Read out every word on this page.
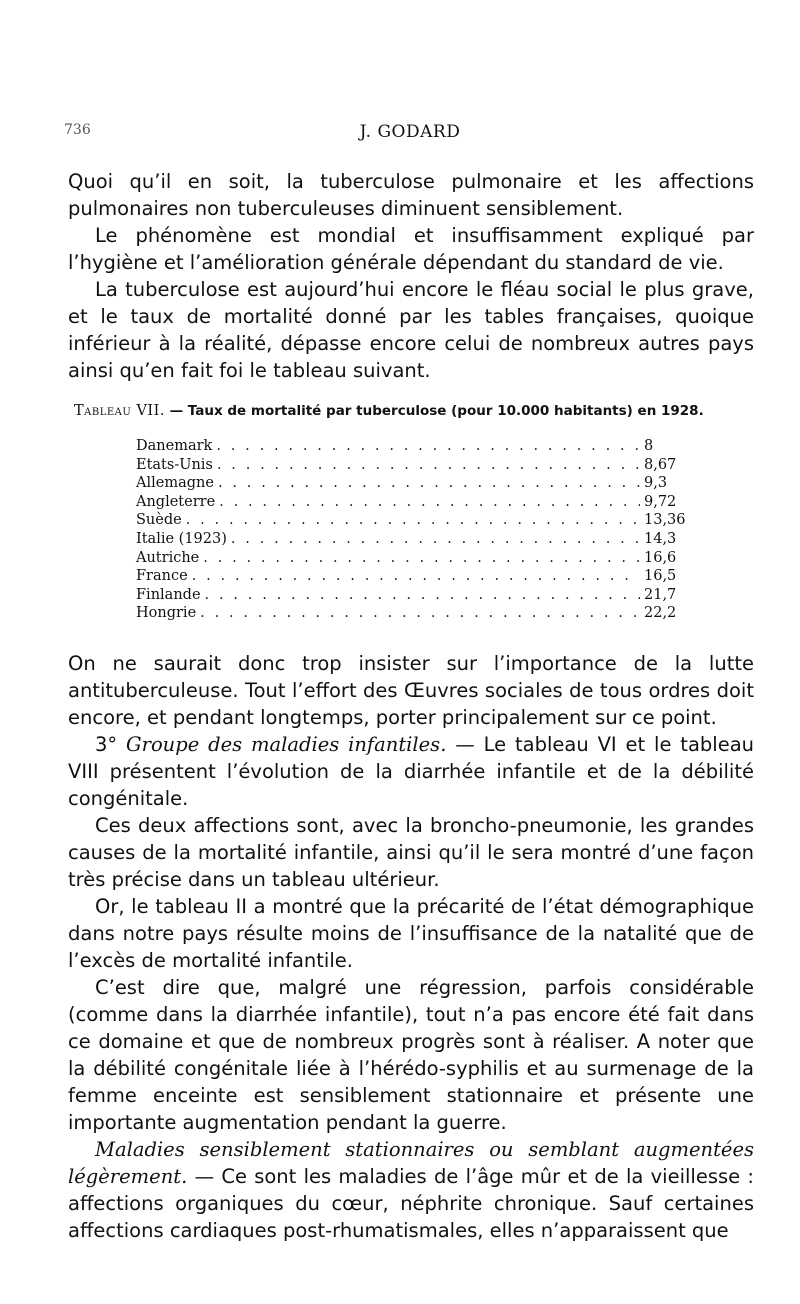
736	J. GODARD

Quoi qu’il en soit, la tuberculose pulmonaire et les affections pulmonaires non tuberculeuses diminuent sensiblement.

Le phénomène est mondial et insuffisamment expliqué par l’hygiène et l’amélioration générale dépendant du standard de vie.

La tuberculose est aujourd’hui encore le fléau social le plus grave, et le taux de mortalité donné par les tables françaises, quoique inférieur à la réalité, dépasse encore celui de nombreux autres pays ainsi qu’en fait foi le tableau suivant.

Tableau VII. — Taux de mortalité par tuberculose (pour 10.000 habitants) en 1928.
Danemark . . .	8
Etats-Unis . . .	8,67
Allemagne . . .	9,3
Angleterre . . .	9,72
Suède . . .	13,36
Italie (1923) . . .	14,3
Autriche . . .	16,6
France . . .	16,5
Finlande . . .	21,7
Hongrie . . .	22,2

On ne saurait donc trop insister sur l’importance de la lutte antituberculeuse. Tout l’effort des Œuvres sociales de tous ordres doit encore, et pendant longtemps, porter principalement sur ce point.

3° Groupe des maladies infantiles. — Le tableau VI et le tableau VIII présentent l’évolution de la diarrhée infantile et de la débilité congénitale.

Ces deux affections sont, avec la broncho-pneumonie, les grandes causes de la mortalité infantile, ainsi qu’il le sera montré d’une façon très précise dans un tableau ultérieur.

Or, le tableau II a montré que la précarité de l’état démographique dans notre pays résulte moins de l’insuffisance de la natalité que de l’excès de mortalité infantile.

C’est dire que, malgré une régression, parfois considérable (comme dans la diarrhée infantile), tout n’a pas encore été fait dans ce domaine et que de nombreux progrès sont à réaliser. A noter que la débilité congénitale liée à l’hérédo-syphilis et au surmenage de la femme enceinte est sensiblement stationnaire et présente une importante augmentation pendant la guerre.

Maladies sensiblement stationnaires ou semblant augmentées légèrement. — Ce sont les maladies de l’âge mûr et de la vieillesse : affections organiques du cœur, néphrite chronique. Sauf certaines affections cardiaques post-rhumatismales, elles n’apparaissent que
